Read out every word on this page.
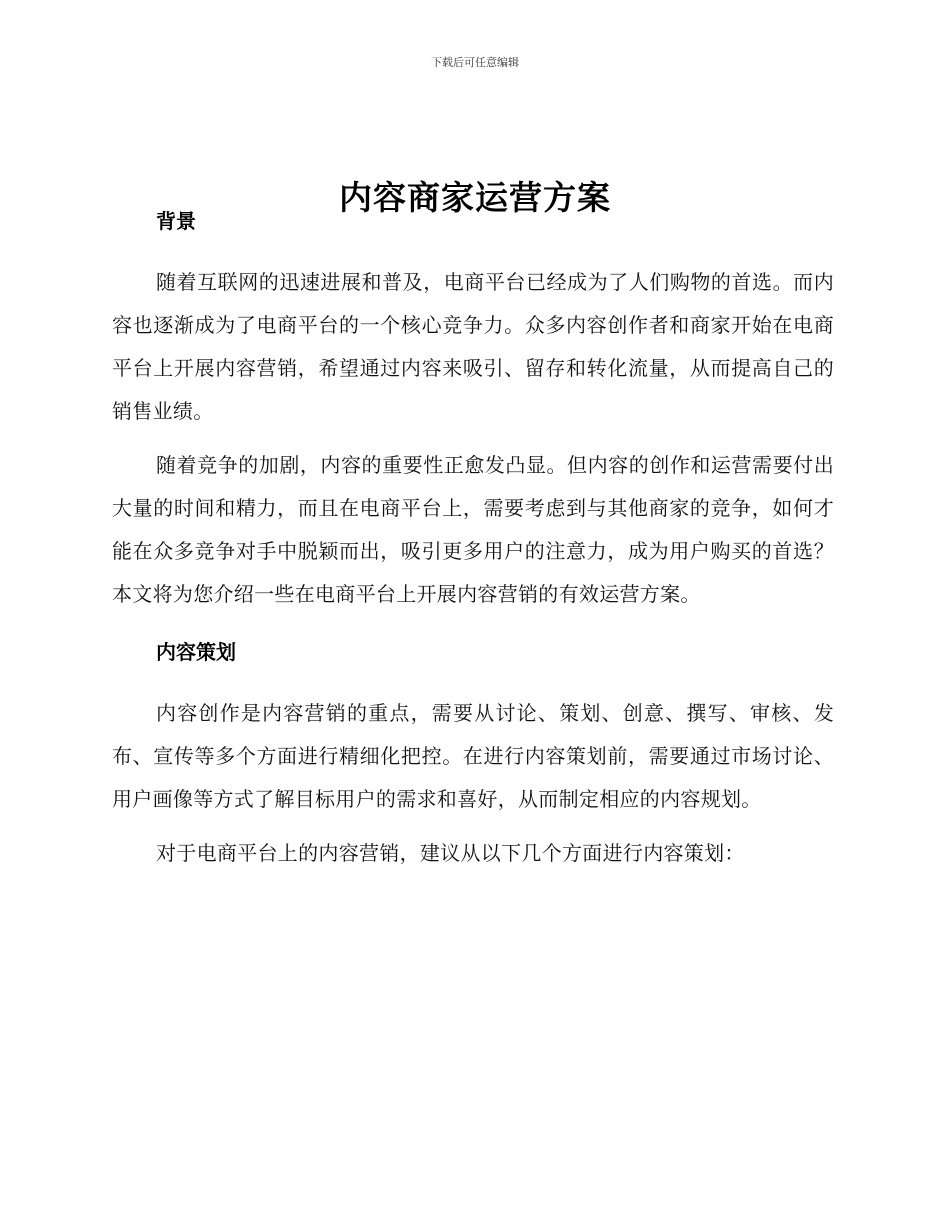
下载后可任意编辑
内容商家运营方案
背景

随着互联网的迅速进展和普及，电商平台已经成为了人们购物的首选。而内容也逐渐成为了电商平台的一个核心竞争力。众多内容创作者和商家开始在电商平台上开展内容营销，希望通过内容来吸引、留存和转化流量，从而提高自己的销售业绩。

随着竞争的加剧，内容的重要性正愈发凸显。但内容的创作和运营需要付出大量的时间和精力，而且在电商平台上，需要考虑到与其他商家的竞争，如何才能在众多竞争对手中脱颖而出，吸引更多用户的注意力，成为用户购买的首选？本文将为您介绍一些在电商平台上开展内容营销的有效运营方案。

内容策划

内容创作是内容营销的重点，需要从讨论、策划、创意、撰写、审核、发布、宣传等多个方面进行精细化把控。在进行内容策划前，需要通过市场讨论、用户画像等方式了解目标用户的需求和喜好，从而制定相应的内容规划。

对于电商平台上的内容营销，建议从以下几个方面进行内容策划：
